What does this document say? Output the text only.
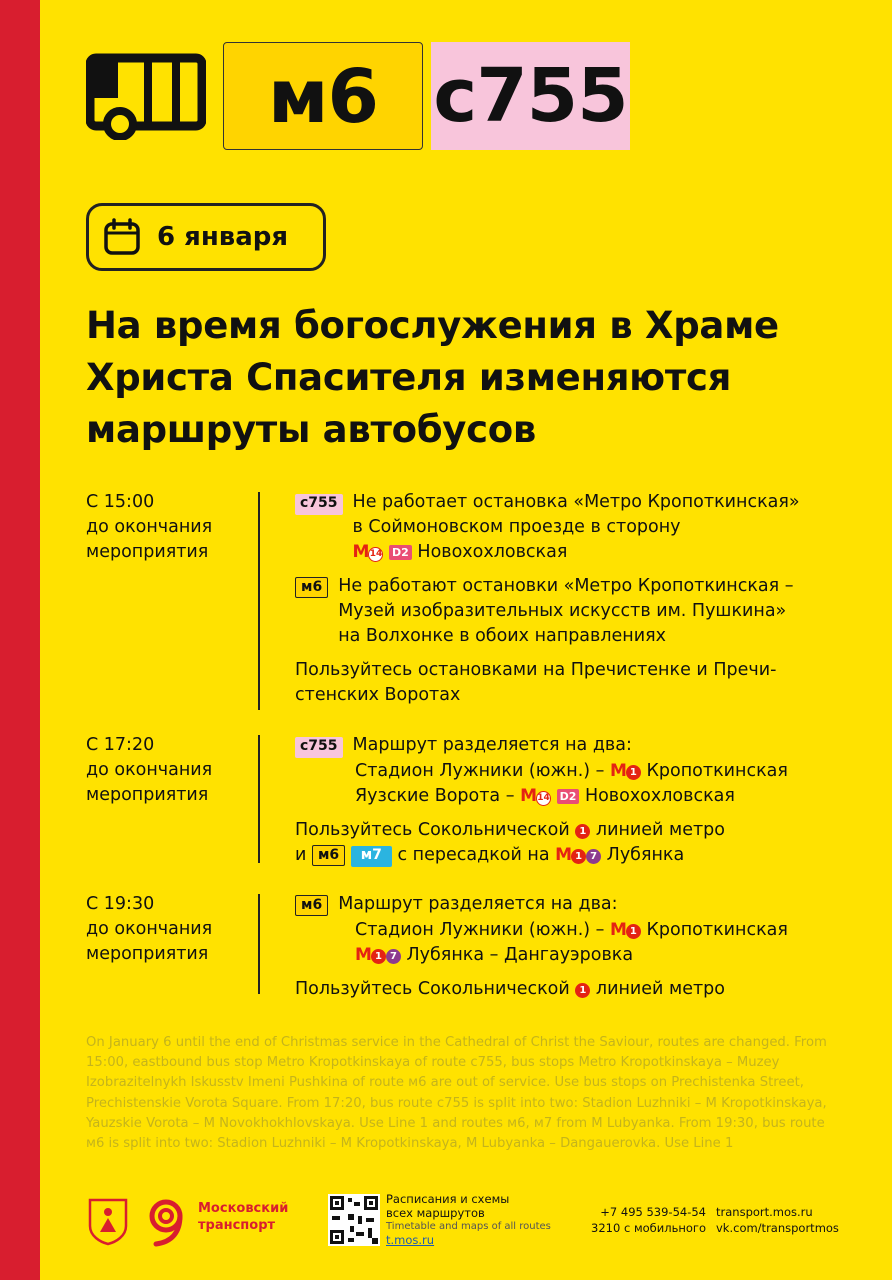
м6 с755
6 января
На время богослужения в Храме
Христа Спасителя изменяются
маршруты автобусов
С 15:00
до окончания
мероприятия
с755 Не работает остановка «Метро Кропоткинская»
в Соймоновском проезде в сторону
М14 D2 Новохохловская
м6 Не работают остановки «Метро Кропоткинская –
Музей изобразительных искусств им. Пушкина»
на Волхонке в обоих направлениях
Пользуйтесь остановками на Пречистенке и Пречи-
стенских Воротах
С 17:20
до окончания
мероприятия
с755 Маршрут разделяется на два:
Стадион Лужники (южн.) – М 1 Кропоткинская
Яузские Ворота – М14 D2 Новохохловская
Пользуйтесь Сокольнической 1 линией метро
и м6 м7 с пересадкой на М 1 7 Лубянка
С 19:30
до окончания
мероприятия
м6 Маршрут разделяется на два:
Стадион Лужники (южн.) – М 1 Кропоткинская
М 1 7 Лубянка – Дангауэровка
Пользуйтесь Сокольнической 1 линией метро
On January 6 until the end of Christmas service in the Cathedral of Christ the Saviour, routes are changed. From 15:00, eastbound bus stop Metro Kropotkinskaya of route с755, bus stops Metro Kropotkinskaya – Muzey Izobrazitelnykh Iskusstv Imeni Pushkina of route м6 are out of service. Use bus stops on Prechistenka Street, Prechistenskie Vorota Square. From 17:20, bus route с755 is split into two: Stadion Luzhniki – М Kropotkinskaya, Yauzskie Vorota – М Novokhokhlovskaya. Use Line 1 and routes м6, м7 from М Lubyanka. From 19:30, bus route м6 is split into two: Stadion Luzhniki – М Kropotkinskaya, М Lubyanka – Dangauerovka. Use Line 1
Московский
транспорт
Расписания и схемы
всех маршрутов
Timetable and maps of all routes
t.mos.ru
+7 495 539-54-54
3210 с мобильного
transport.mos.ru
vk.com/transportmos
